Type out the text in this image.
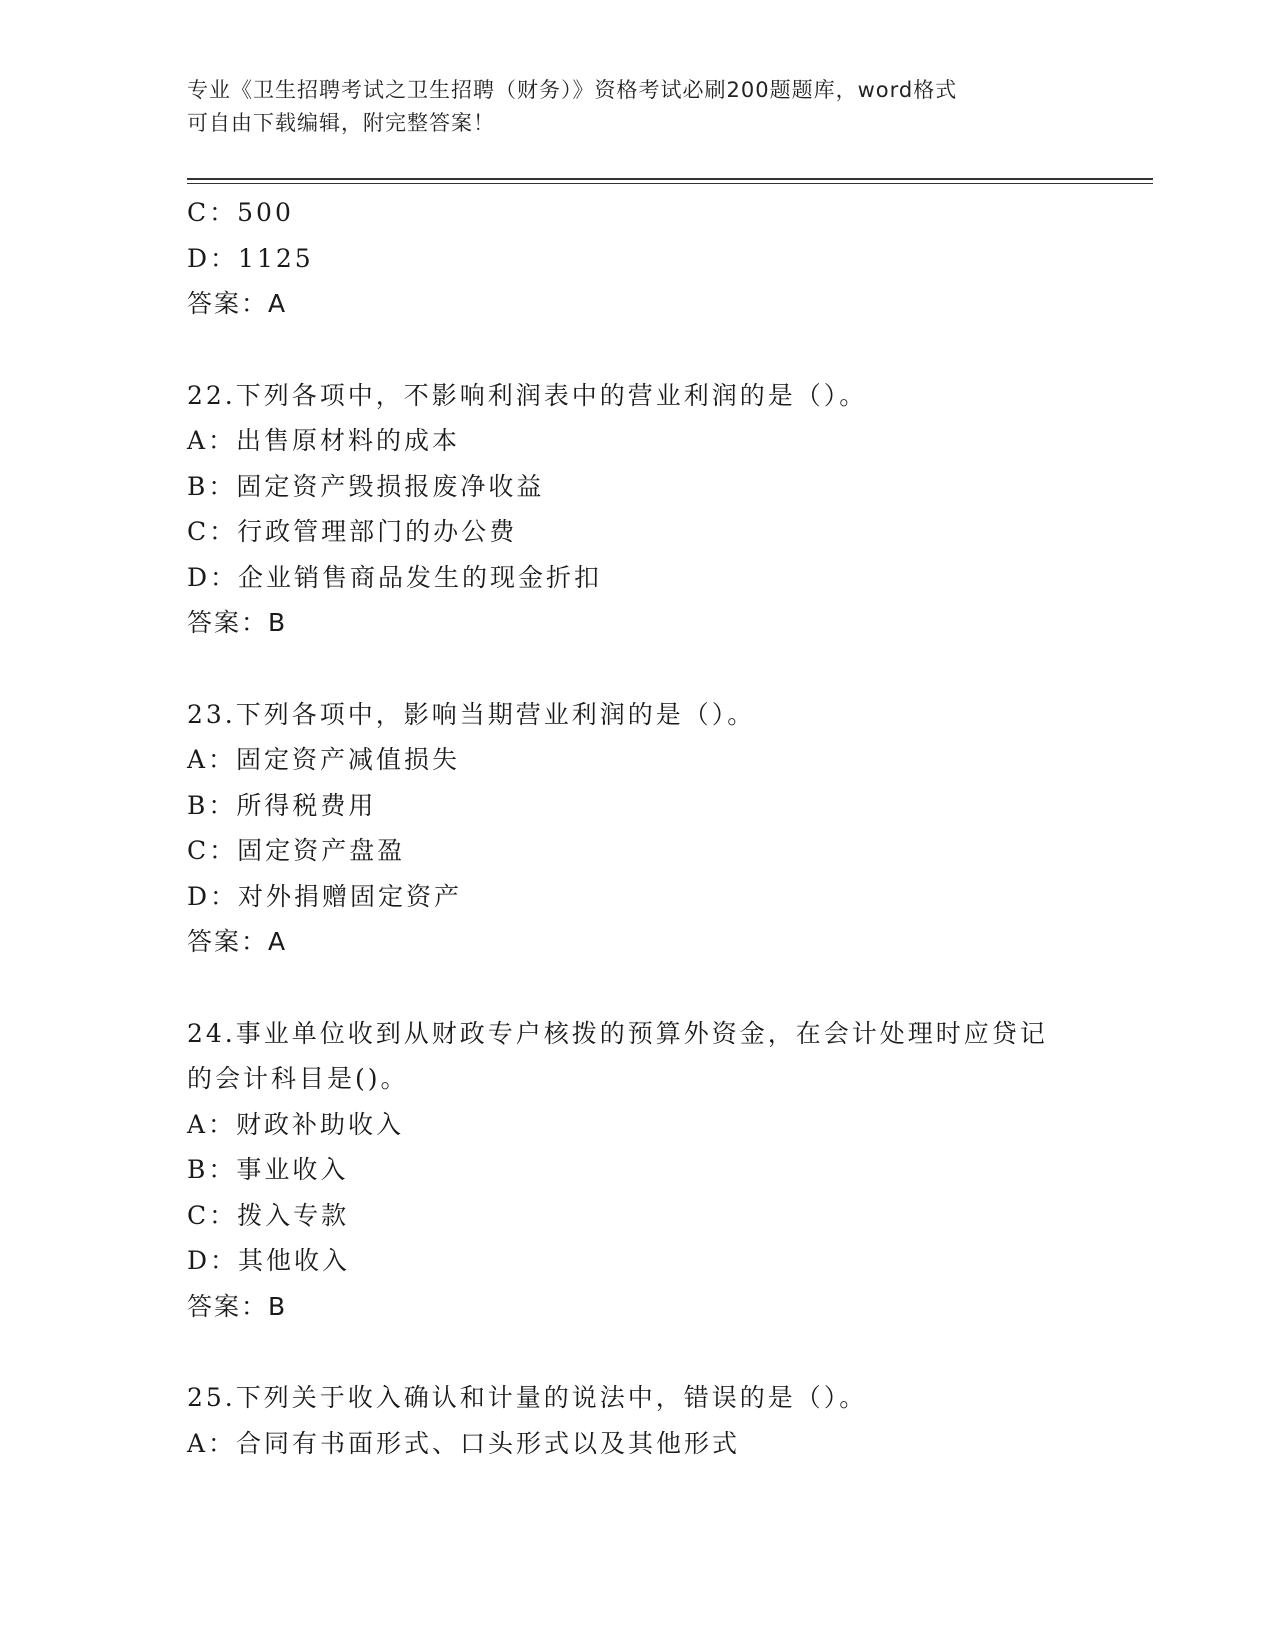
专业《卫生招聘考试之卫生招聘（财务）》资格考试必刷200题题库，word格式
可自由下载编辑，附完整答案！
C：500
D：1125
答案：A
22.下列各项中，不影响利润表中的营业利润的是（）。
A：出售原材料的成本
B：固定资产毁损报废净收益
C：行政管理部门的办公费
D：企业销售商品发生的现金折扣
答案：B
23.下列各项中，影响当期营业利润的是（）。
A：固定资产减值损失
B：所得税费用
C：固定资产盘盈
D：对外捐赠固定资产
答案：A
24.事业单位收到从财政专户核拨的预算外资金，在会计处理时应贷记
的会计科目是()。
A：财政补助收入
B：事业收入
C：拨入专款
D：其他收入
答案：B
25.下列关于收入确认和计量的说法中，错误的是（）。
A：合同有书面形式、口头形式以及其他形式
